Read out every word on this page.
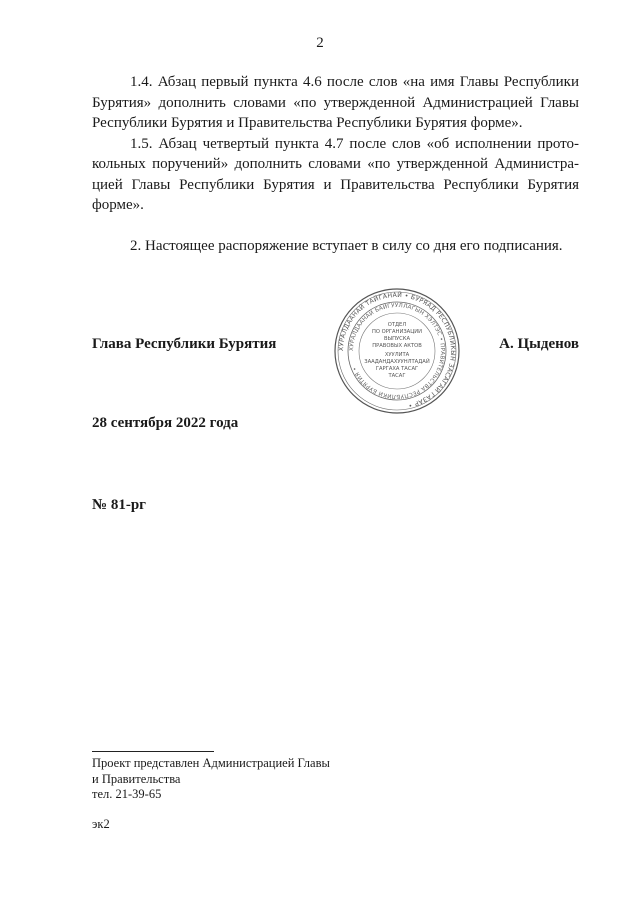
2

1.4. Абзац первый пункта 4.6 после слов «на имя Главы Республики Бурятия» дополнить словами «по утвержденной Администрацией Главы Республики Бурятия и Правительства Республики Бурятия форме».

1.5. Абзац четвертый пункта 4.7 после слов «об исполнении прото-кольных поручений» дополнить словами «по утвержденной Администра-цией Главы Республики Бурятия и Правительства Республики Бурятия форме».

2. Настоящее распоряжение вступает в силу со дня его подписания.

Глава Республики Бурятия	А. Цыденов
ХУРАЛДААНАЙ ТАЙГАНАЙ • БУРЯАД РЕСПУБЛИКЫН ЗАСАГАЙ ГАЗАР •
ХУРАЛДААНАЙ БАЙГУУЛЛАГЫН ХЭЛТЭС • ПРАВИТЕЛЬСТВА РЕСПУБЛИКИ БУРЯТИЯ •
ОТДЕЛ
ПО ОРГАНИЗАЦИИ
ВЫПУСКА
ПРАВОВЫХ АКТОВ
ХУУЛИТА
ЗААДАНДАХУУНЛТАДАЙ
ГАРГАХА ТАСАГ
ТАСАГ
28 сентября 2022 года
№ 81-рг
Проект представлен Администрацией Главы
и Правительства
тел. 21-39-65
эк2
